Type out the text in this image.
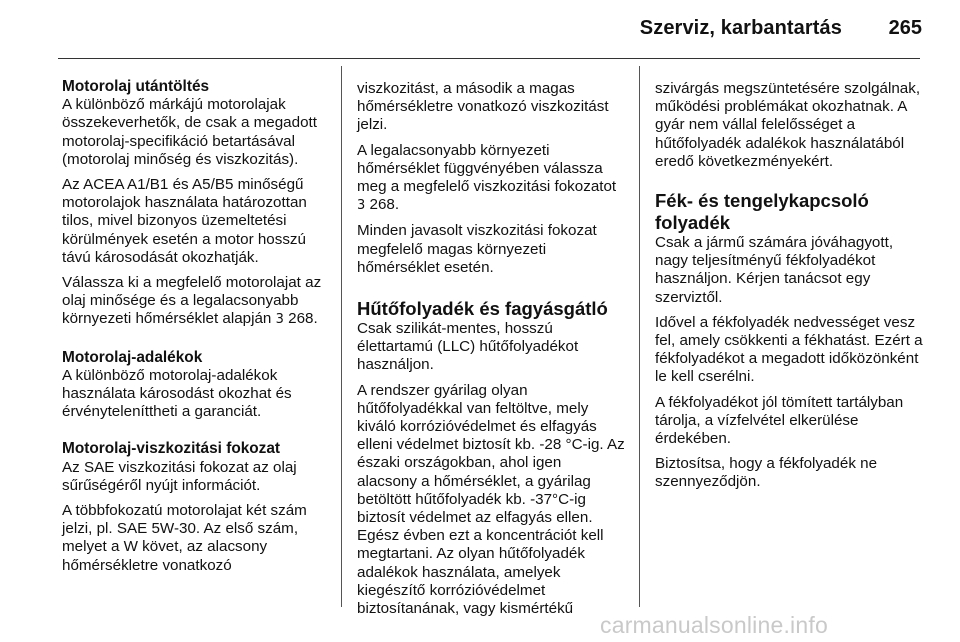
Szerviz, karbantartás 265
Motorolaj utántöltés

A különböző márkájú motorolajak összekeverhetők, de csak a megadott motorolaj-specifikáció betartásával (motorolaj minőség és viszkozitás).

Az ACEA A1/B1 és A5/B5 minőségű motorolajok használata határozottan tilos, mivel bizonyos üzemeltetési körülmények esetén a motor hosszú távú károsodását okozhatják.

Válassza ki a megfelelő motorolajat az olaj minősége és a legalacsonyabb környezeti hőmérséklet alapján 3 268.

Motorolaj-adalékok

A különböző motorolaj-adalékok használata károsodást okozhat és érvényteleníttheti a garanciát.

Motorolaj-viszkozitási fokozat

Az SAE viszkozitási fokozat az olaj sűrűségéről nyújt információt.

A többfokozatú motorolajat két szám jelzi, pl. SAE 5W-30. Az első szám, melyet a W követ, az alacsony hőmérsékletre vonatkozó

viszkozitást, a második a magas hőmérsékletre vonatkozó viszkozitást jelzi.

A legalacsonyabb környezeti hőmérséklet függvényében válassza meg a megfelelő viszkozitási fokozatot 3 268.

Minden javasolt viszkozitási fokozat megfelelő magas környezeti hőmérséklet esetén.

Hűtőfolyadék és fagyásgátló

Csak szilikát-mentes, hosszú élettartamú (LLC) hűtőfolyadékot használjon.

A rendszer gyárilag olyan hűtőfolyadékkal van feltöltve, mely kiváló korrózióvédelmet és elfagyás elleni védelmet biztosít kb. -28 °C-ig. Az északi országokban, ahol igen alacsony a hőmérséklet, a gyárilag betöltött hűtőfolyadék kb. -37°C-ig biztosít védelmet az elfagyás ellen. Egész évben ezt a koncentrációt kell megtartani. Az olyan hűtőfolyadék adalékok használata, amelyek kiegészítő korrózióvédelmet biztosítanának, vagy kismértékű

szivárgás megszüntetésére szolgálnak, működési problémákat okozhatnak. A gyár nem vállal felelősséget a hűtőfolyadék adalékok használatából eredő következményekért.

Fék- és tengelykapcsoló folyadék

Csak a jármű számára jóváhagyott, nagy teljesítményű fékfolyadékot használjon. Kérjen tanácsot egy szerviztől.

Idővel a fékfolyadék nedvességet vesz fel, amely csökkenti a fékhatást. Ezért a fékfolyadékot a megadott időközönként le kell cserélni.

A fékfolyadékot jól tömített tartályban tárolja, a vízfelvétel elkerülése érdekében.

Biztosítsa, hogy a fékfolyadék ne szennyeződjön.

carmanualsonline.info
